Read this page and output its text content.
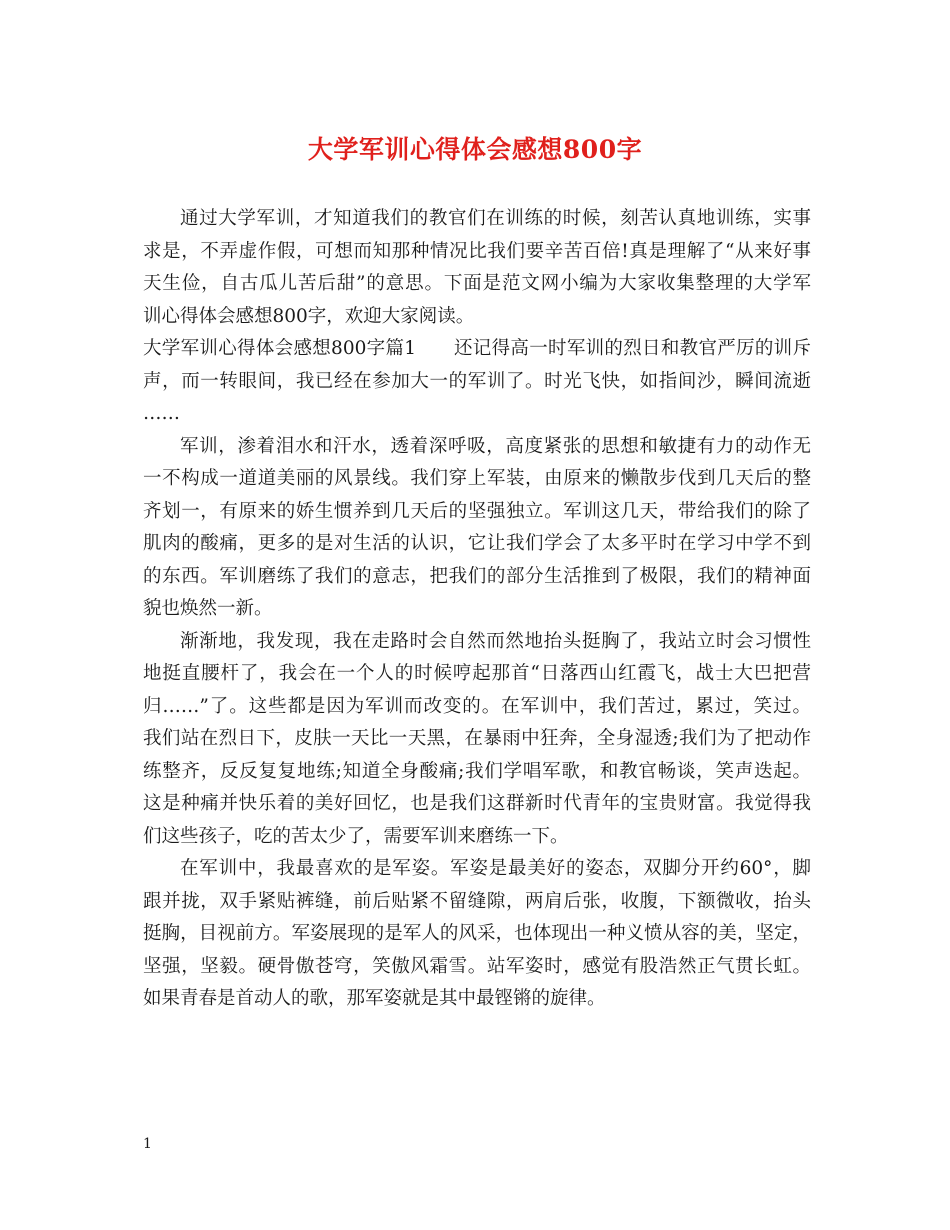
大学军训心得体会感想800字
通过大学军训，才知道我们的教官们在训练的时候，刻苦认真地训练，实事
求是，不弄虚作假，可想而知那种情况比我们要辛苦百倍!真是理解了“从来好事
天生俭，自古瓜儿苦后甜”的意思。下面是范文网小编为大家收集整理的大学军
训心得体会感想800字，欢迎大家阅读。
大学军训心得体会感想800字篇1　　还记得高一时军训的烈日和教官严厉的训斥
声，而一转眼间，我已经在参加大一的军训了。时光飞快，如指间沙，瞬间流逝
……
军训，渗着泪水和汗水，透着深呼吸，高度紧张的思想和敏捷有力的动作无
一不构成一道道美丽的风景线。我们穿上军装，由原来的懒散步伐到几天后的整
齐划一，有原来的娇生惯养到几天后的坚强独立。军训这几天，带给我们的除了
肌肉的酸痛，更多的是对生活的认识，它让我们学会了太多平时在学习中学不到
的东西。军训磨练了我们的意志，把我们的部分生活推到了极限，我们的精神面
貌也焕然一新。
渐渐地，我发现，我在走路时会自然而然地抬头挺胸了，我站立时会习惯性
地挺直腰杆了，我会在一个人的时候哼起那首“日落西山红霞飞，战士大巴把营
归……”了。这些都是因为军训而改变的。在军训中，我们苦过，累过，笑过。
我们站在烈日下，皮肤一天比一天黑，在暴雨中狂奔，全身湿透;我们为了把动作
练整齐，反反复复地练;知道全身酸痛;我们学唱军歌，和教官畅谈，笑声迭起。
这是种痛并快乐着的美好回忆，也是我们这群新时代青年的宝贵财富。我觉得我
们这些孩子，吃的苦太少了，需要军训来磨练一下。
在军训中，我最喜欢的是军姿。军姿是最美好的姿态，双脚分开约60°，脚
跟并拢，双手紧贴裤缝，前后贴紧不留缝隙，两肩后张，收腹，下额微收，抬头
挺胸，目视前方。军姿展现的是军人的风采，也体现出一种义愤从容的美，坚定，
坚强，坚毅。硬骨傲苍穹，笑傲风霜雪。站军姿时，感觉有股浩然正气贯长虹。
如果青春是首动人的歌，那军姿就是其中最铿锵的旋律。
1
